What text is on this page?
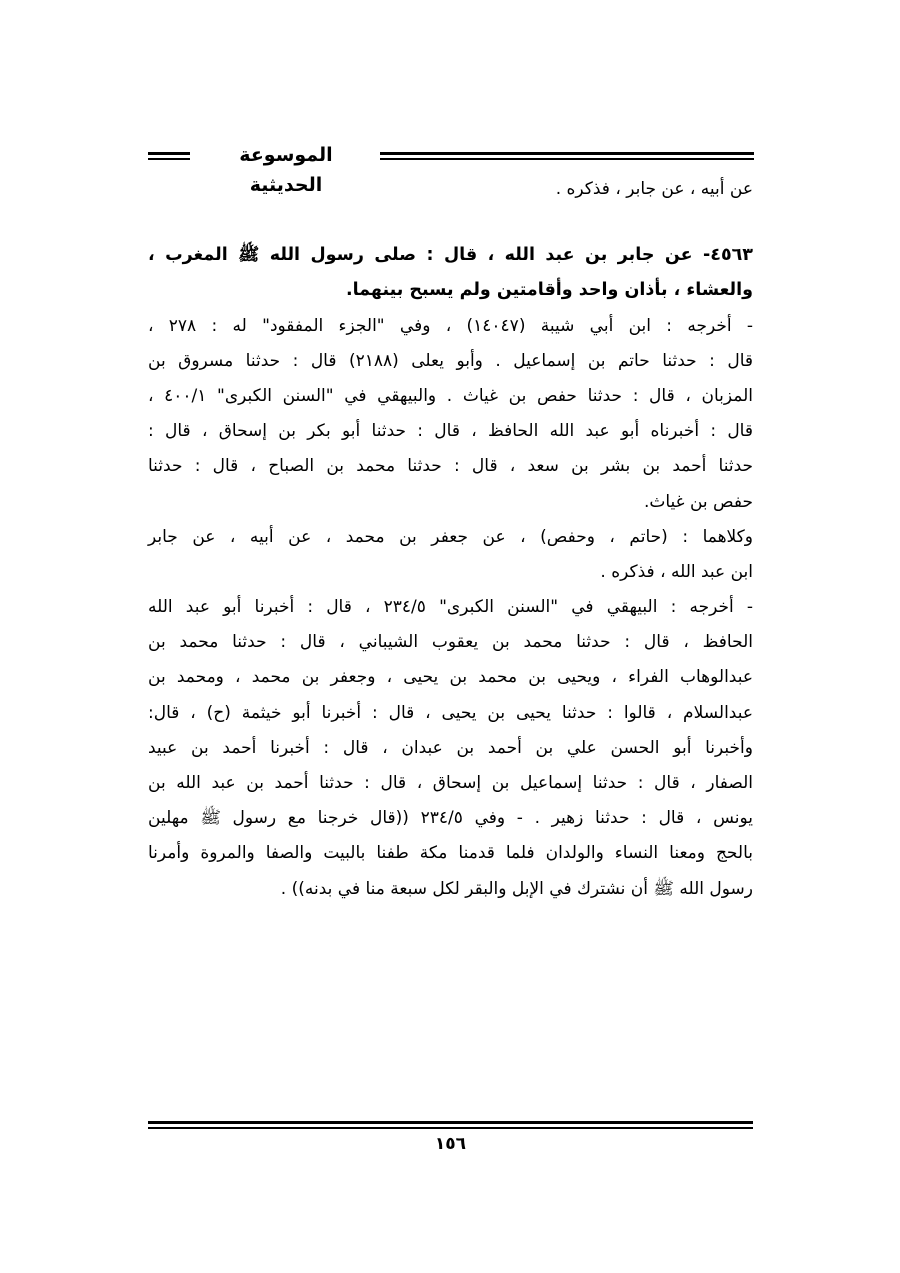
الموسوعة الحديثية	عن أبيه ، عن جابر ، فذكره .
٤٥٦٣- عن جابر بن عبد الله ، قال : صلى رسول الله ﷺ المغرب ،
والعشاء ، بأذان واحد وأقامتين ولم يسبح بينهما.
- أخرجه : ابن أبي شيبة (١٤٠٤٧) ، وفي "الجزء المفقود" له : ٢٧٨ ،
قال : حدثنا حاتم بن إسماعيل . وأبو يعلى (٢١٨٨) قال : حدثنا مسروق بن
المزبان ، قال : حدثنا حفص بن غياث . والبيهقي في "السنن الكبرى" ٤٠٠/١ ،
قال : أخبرناه أبو عبد الله الحافظ ، قال : حدثنا أبو بكر بن إسحاق ، قال :
حدثنا أحمد بن بشر بن سعد ، قال : حدثنا محمد بن الصباح ، قال : حدثنا
حفص بن غياث.
وكلاهما : (حاتم ، وحفص) ، عن جعفر بن محمد ، عن أبيه ، عن جابر
ابن عبد الله ، فذكره .
- أخرجه : البيهقي في "السنن الكبرى" ٢٣٤/٥ ، قال : أخبرنا أبو عبد الله
الحافظ ، قال : حدثنا محمد بن يعقوب الشيباني ، قال : حدثنا محمد بن
عبدالوهاب الفراء ، ويحيى بن محمد بن يحيى ، وجعفر بن محمد ، ومحمد بن
عبدالسلام ، قالوا : حدثنا يحيى بن يحيى ، قال : أخبرنا أبو خيثمة (ح) ، قال:
وأخبرنا أبو الحسن علي بن أحمد بن عبدان ، قال : أخبرنا أحمد بن عبيد
الصفار ، قال : حدثنا إسماعيل بن إسحاق ، قال : حدثنا أحمد بن عبد الله بن
يونس ، قال : حدثنا زهير . - وفي ٢٣٤/٥ ((قال خرجنا مع رسول ﷺ مهلين
بالحج ومعنا النساء والولدان فلما قدمنا مكة طفنا بالبيت والصفا والمروة وأمرنا
رسول الله ﷺ أن نشترك في الإبل والبقر لكل سبعة منا في بدنه)) .
١٥٦
